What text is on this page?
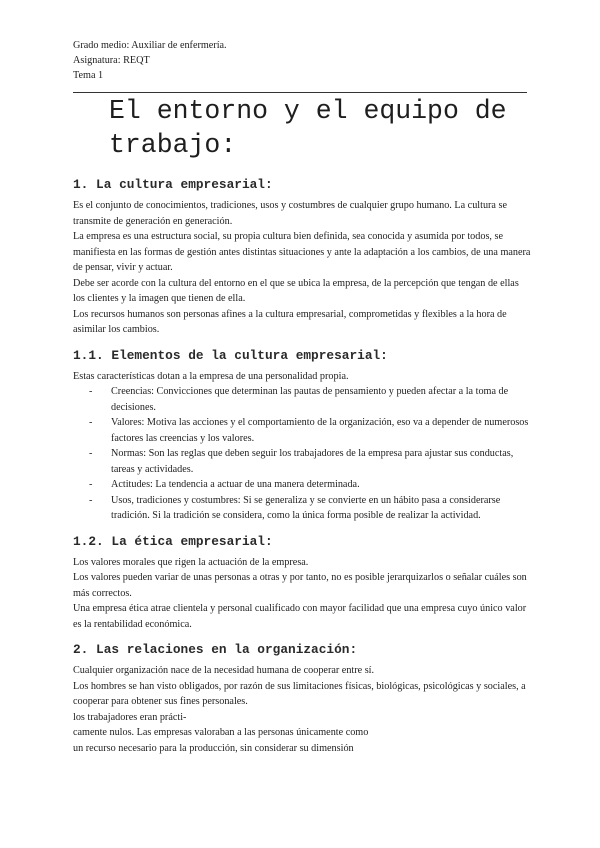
Grado medio: Auxiliar de enfermería.
Asignatura: REQT
Tema 1
El entorno y el equipo de
trabajo:
1. La cultura empresarial:

Es el conjunto de conocimientos, tradiciones, usos y costumbres de cualquier grupo humano. La cultura se transmite de generación en generación.

La empresa es una estructura social, su propia cultura bien definida, sea conocida y asumida por todos, se manifiesta en las formas de gestión antes distintas situaciones y ante la adaptación a los cambios, de una manera de pensar, vivir y actuar.

Debe ser acorde con la cultura del entorno en el que se ubica la empresa, de la percepción que tengan de ellas los clientes y la imagen que tienen de ella.

Los recursos humanos son personas afines a la cultura empresarial, comprometidas y flexibles a la hora de asimilar los cambios.

1.1. Elementos de la cultura empresarial:

Estas características dotan a la empresa de una personalidad propia.

- Creencias: Convicciones que determinan las pautas de pensamiento y pueden afectar a la toma de decisiones.
- Valores: Motiva las acciones y el comportamiento de la organización, eso va a depender de numerosos factores las creencias y los valores.
- Normas: Son las reglas que deben seguir los trabajadores de la empresa para ajustar sus conductas, tareas y actividades.
- Actitudes: La tendencia a actuar de una manera determinada.
- Usos, tradiciones y costumbres: Si se generaliza y se convierte en un hábito pasa a considerarse tradición. Si la tradición se considera, como la única forma posible de realizar la actividad.
1.2. La ética empresarial:

Los valores morales que rigen la actuación de la empresa.

Los valores pueden variar de unas personas a otras y por tanto, no es posible jerarquizarlos o señalar cuáles son más correctos.

Una empresa ética atrae clientela y personal cualificado con mayor facilidad que una empresa cuyo único valor es la rentabilidad económica.

2. Las relaciones en la organización:

Cualquier organización nace de la necesidad humana de cooperar entre sí.

Los hombres se han visto obligados, por razón de sus limitaciones físicas, biológicas, psicológicas y sociales, a cooperar para obtener sus fines personales.

los trabajadores eran prácti-

camente nulos. Las empresas valoraban a las personas únicamente como

un recurso necesario para la producción, sin considerar su dimensión
